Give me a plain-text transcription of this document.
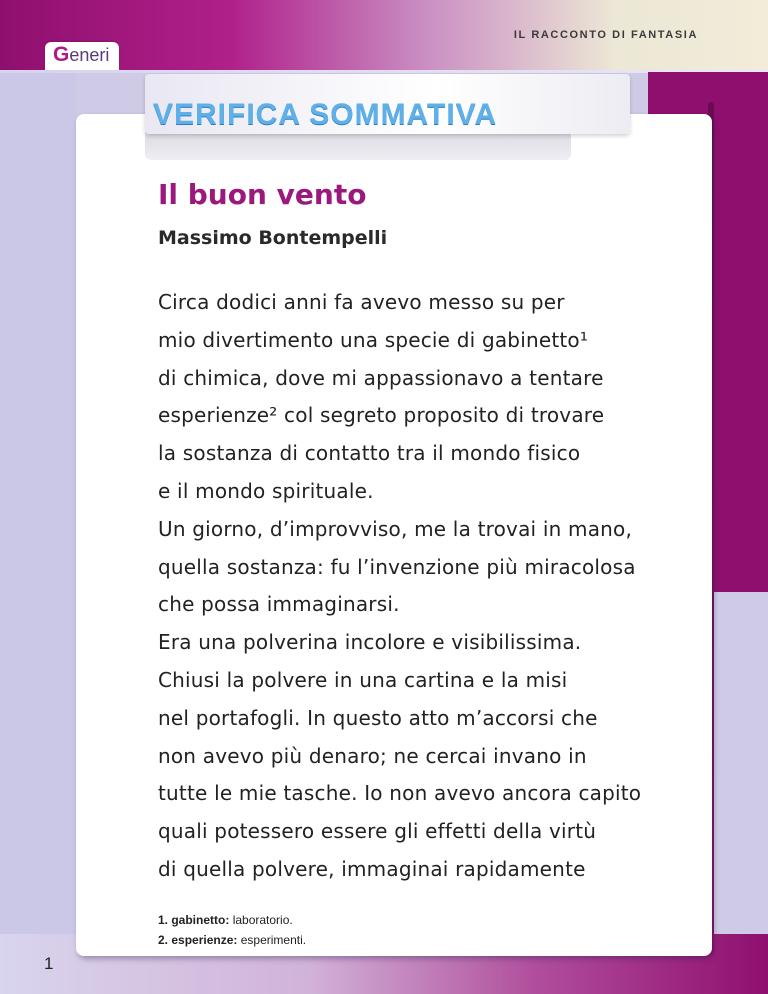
IL RACCONTO DI FANTASIA
Generi
VERIFICA SOMMATIVA
Il buon vento
Massimo Bontempelli
Circa dodici anni fa avevo messo su per
mio divertimento una specie di gabinetto¹
di chimica, dove mi appassionavo a tentare
esperienze² col segreto proposito di trovare
la sostanza di contatto tra il mondo fisico
e il mondo spirituale.
Un giorno, d’improvviso, me la trovai in mano,
quella sostanza: fu l’invenzione più miracolosa
che possa immaginarsi.
Era una polverina incolore e visibilissima.
Chiusi la polvere in una cartina e la misi
nel portafogli. In questo atto m’accorsi che
non avevo più denaro; ne cercai invano in
tutte le mie tasche. Io non avevo ancora capito
quali potessero essere gli effetti della virtù
di quella polvere, immaginai rapidamente
1. gabinetto: laboratorio.
2. esperienze: esperimenti.
1
